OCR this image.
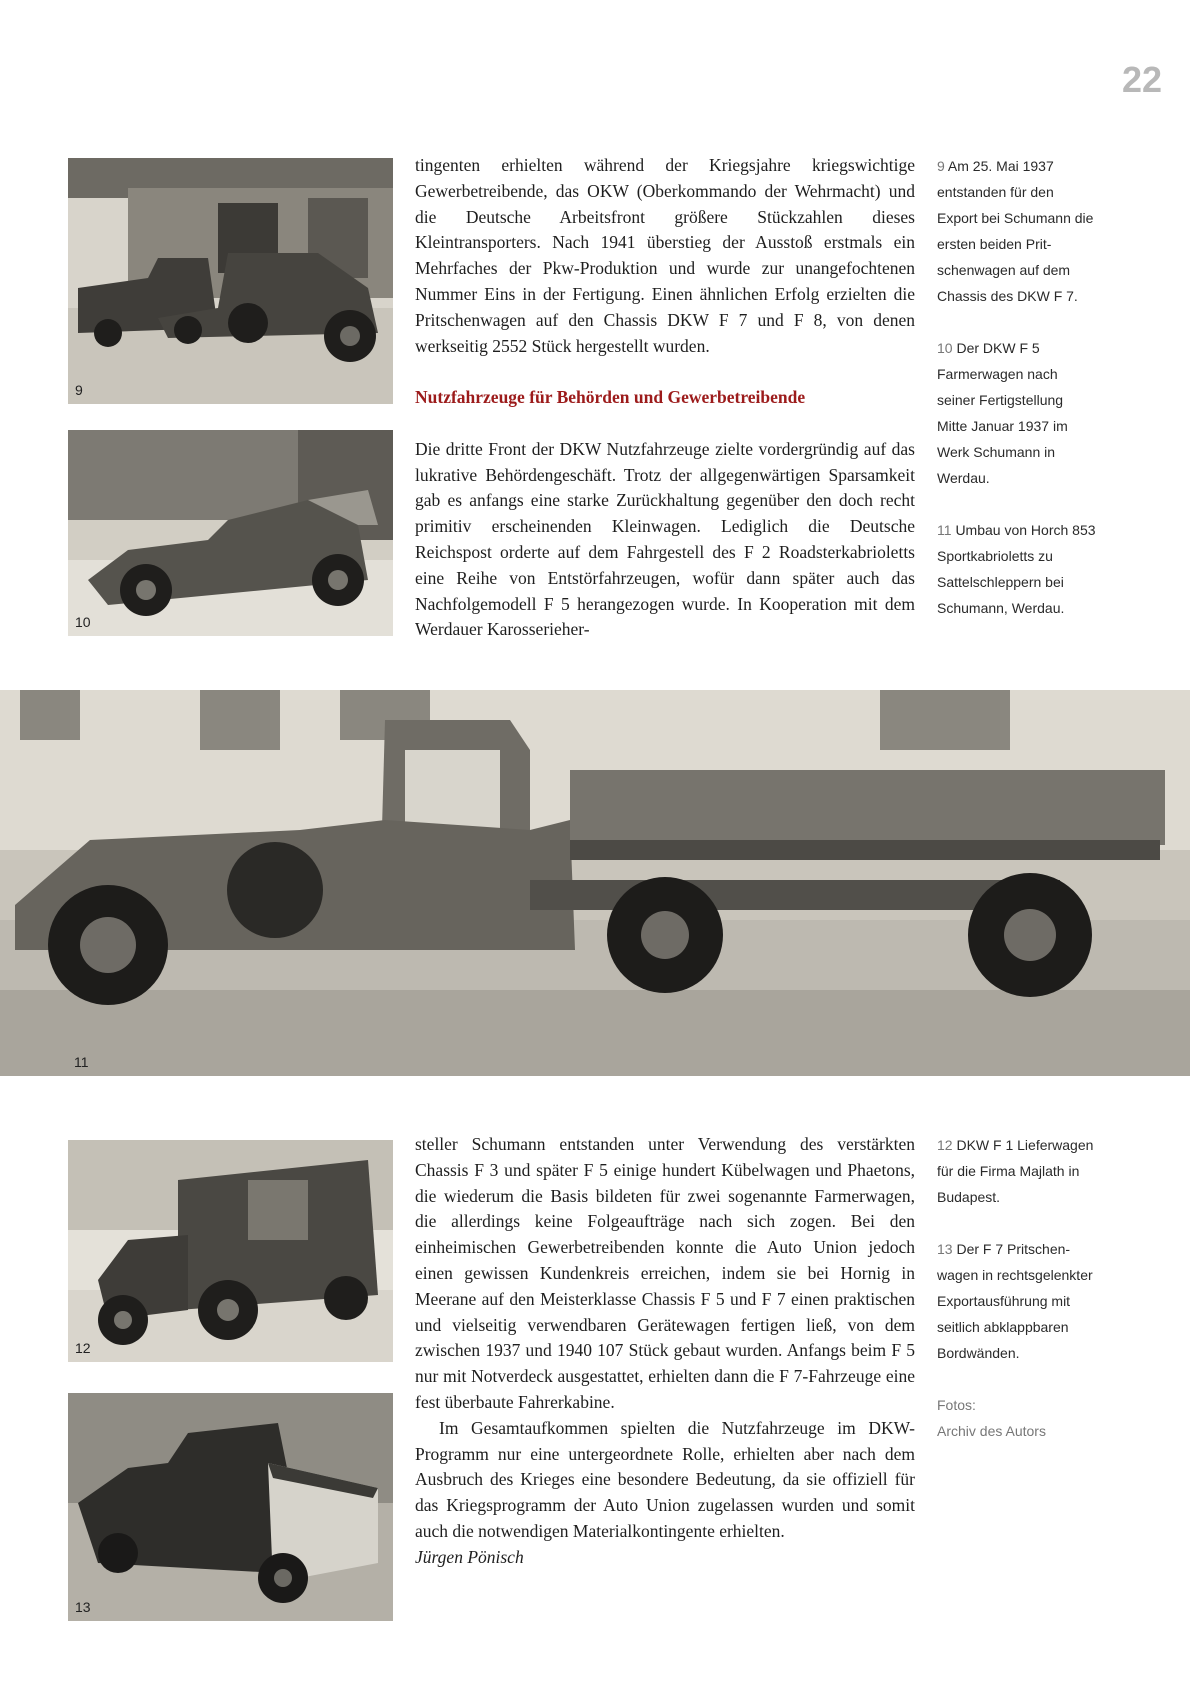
22
9
10
11
12
13

tingenten erhielten während der Kriegsjahre kriegswichtige Gewerbetreibende, das OKW (Oberkommando der Wehrmacht) und die Deutsche Arbeitsfront größere Stückzahlen dieses Kleintransporters. Nach 1941 überstieg der Ausstoß erstmals ein Mehrfaches der Pkw-Produktion und wurde zur unangefochtenen Nummer Eins in der Fertigung. Einen ähnlichen Erfolg erzielten die Pritschenwagen auf den Chassis DKW F 7 und F 8, von denen werkseitig 2552 Stück hergestellt wurden.

Nutzfahrzeuge für Behörden und Gewerbetreibende

Die dritte Front der DKW Nutzfahrzeuge zielte vordergründig auf das lukrative Behördengeschäft. Trotz der allgegenwärtigen Sparsamkeit gab es anfangs eine starke Zurückhaltung gegenüber den doch recht primitiv erscheinenden Kleinwagen. Lediglich die Deutsche Reichspost orderte auf dem Fahrgestell des F 2 Roadsterkabrioletts eine Reihe von Entstörfahrzeugen, wofür dann später auch das Nachfolgemodell F 5 herangezogen wurde. In Kooperation mit dem Werdauer Karosserieher-

steller Schumann entstanden unter Verwendung des verstärkten Chassis F 3 und später F 5 einige hundert Kübelwagen und Phaetons, die wiederum die Basis bildeten für zwei sogenannte Farmerwagen, die allerdings keine Folgeaufträge nach sich zogen. Bei den einheimischen Gewerbetreibenden konnte die Auto Union jedoch einen gewissen Kundenkreis erreichen, indem sie bei Hornig in Meerane auf den Meisterklasse Chassis F 5 und F 7 einen praktischen und vielseitig verwendbaren Gerätewagen fertigen ließ, von dem zwischen 1937 und 1940 107 Stück gebaut wurden. Anfangs beim F 5 nur mit Notverdeck ausgestattet, erhielten dann die F 7-Fahrzeuge eine fest überbaute Fahrerkabine.

Im Gesamtaufkommen spielten die Nutzfahrzeuge im DKW-Programm nur eine untergeordnete Rolle, erhielten aber nach dem Ausbruch des Krieges eine besondere Bedeutung, da sie offiziell für das Kriegsprogramm der Auto Union zugelassen wurden und somit auch die notwendigen Materialkontingente erhielten.

Jürgen Pönisch

9 Am 25. Mai 1937 entstanden für den Export bei Schumann die ersten beiden Pritschenwagen auf dem Chassis des DKW F 7.

10 Der DKW F 5 Farmerwagen nach seiner Fertigstellung Mitte Januar 1937 im Werk Schumann in Werdau.

11 Umbau von Horch 853 Sportkabrioletts zu Sattelschleppern bei Schumann, Werdau.

12 DKW F 1 Lieferwagen für die Firma Majlath in Budapest.

13 Der F 7 Pritschenwagen in rechtsgelenkter Exportausführung mit seitlich abklappbaren Bordwänden.

Fotos:
Archiv des Autors
